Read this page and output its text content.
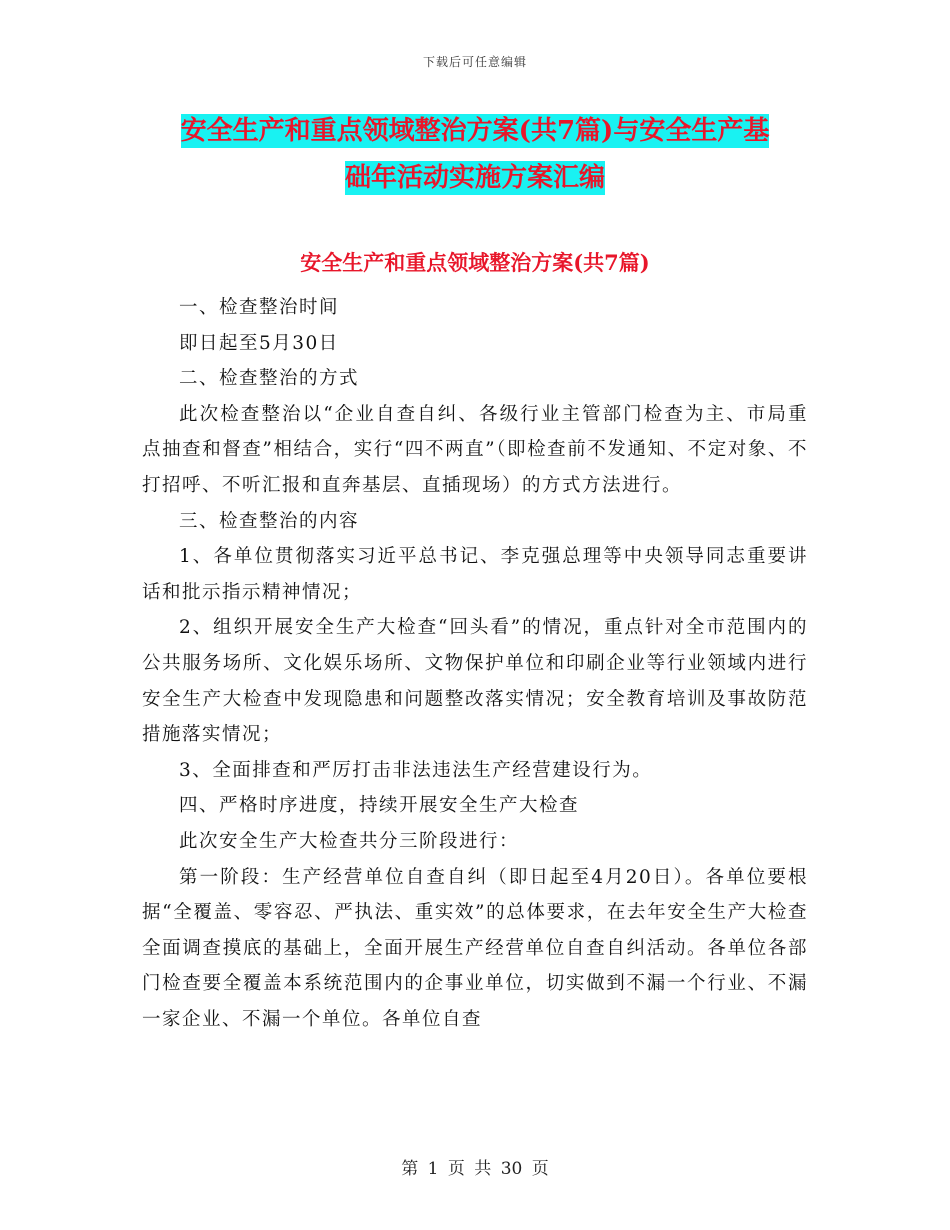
下载后可任意编辑
安全生产和重点领域整治方案(共7篇)与安全生产基
础年活动实施方案汇编
安全生产和重点领域整治方案(共7篇)

一、检查整治时间

即日起至5月30日

二、检查整治的方式

此次检查整治以“企业自查自纠、各级行业主管部门检查为主、市局重点抽查和督查”相结合，实行“四不两直”（即检查前不发通知、不定对象、不打招呼、不听汇报和直奔基层、直插现场）的方式方法进行。

三、检查整治的内容

1、各单位贯彻落实习近平总书记、李克强总理等中央领导同志重要讲话和批示指示精神情况；

2、组织开展安全生产大检查“回头看”的情况，重点针对全市范围内的公共服务场所、文化娱乐场所、文物保护单位和印刷企业等行业领域内进行安全生产大检查中发现隐患和问题整改落实情况；安全教育培训及事故防范措施落实情况；

3、全面排查和严厉打击非法违法生产经营建设行为。

四、严格时序进度，持续开展安全生产大检查

此次安全生产大检查共分三阶段进行：

第一阶段：生产经营单位自查自纠（即日起至4月20日）。各单位要根据“全覆盖、零容忍、严执法、重实效”的总体要求，在去年安全生产大检查全面调查摸底的基础上，全面开展生产经营单位自查自纠活动。各单位各部门检查要全覆盖本系统范围内的企事业单位，切实做到不漏一个行业、不漏一家企业、不漏一个单位。各单位自查

第 1 页 共 30 页
